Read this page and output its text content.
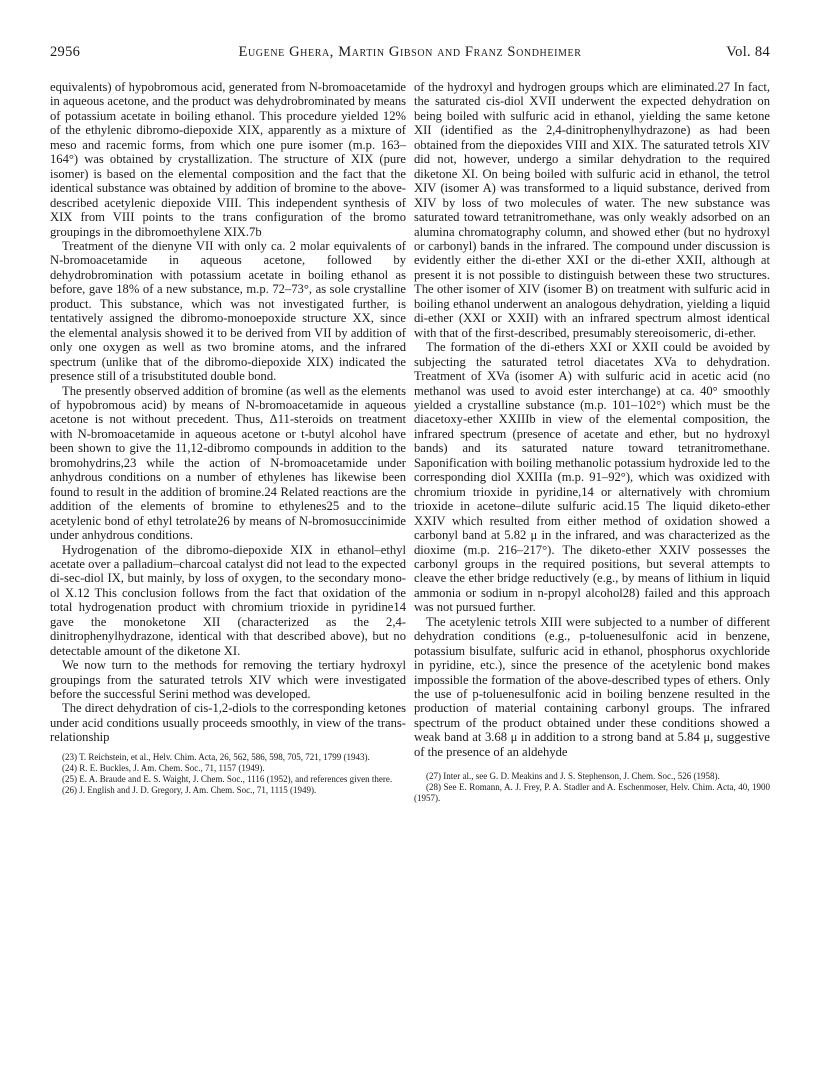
2956	Eugene Ghera, Martin Gibson and Franz Sondheimer	Vol. 84

equivalents) of hypobromous acid, generated from N-bromoacetamide in aqueous acetone, and the product was dehydrobrominated by means of potassium acetate in boiling ethanol. This procedure yielded 12% of the ethylenic dibromo-diepoxide XIX, apparently as a mixture of meso and racemic forms, from which one pure isomer (m.p. 163–164°) was obtained by crystallization. The structure of XIX (pure isomer) is based on the elemental composition and the fact that the identical substance was obtained by addition of bromine to the above-described acetylenic diepoxide VIII. This independent synthesis of XIX from VIII points to the trans configuration of the bromo groupings in the dibromoethylene XIX.7b

Treatment of the dienyne VII with only ca. 2 molar equivalents of N-bromoacetamide in aqueous acetone, followed by dehydrobromination with potassium acetate in boiling ethanol as before, gave 18% of a new substance, m.p. 72–73°, as sole crystalline product. This substance, which was not investigated further, is tentatively assigned the dibromo-monoepoxide structure XX, since the elemental analysis showed it to be derived from VII by addition of only one oxygen as well as two bromine atoms, and the infrared spectrum (unlike that of the dibromo-diepoxide XIX) indicated the presence still of a trisubstituted double bond.

The presently observed addition of bromine (as well as the elements of hypobromous acid) by means of N-bromoacetamide in aqueous acetone is not without precedent. Thus, Δ11-steroids on treatment with N-bromoacetamide in aqueous acetone or t-butyl alcohol have been shown to give the 11,12-dibromo compounds in addition to the bromohydrins,23 while the action of N-bromoacetamide under anhydrous conditions on a number of ethylenes has likewise been found to result in the addition of bromine.24 Related reactions are the addition of the elements of bromine to ethylenes25 and to the acetylenic bond of ethyl tetrolate26 by means of N-bromosuccinimide under anhydrous conditions.

Hydrogenation of the dibromo-diepoxide XIX in ethanol–ethyl acetate over a palladium–charcoal catalyst did not lead to the expected di-sec-diol IX, but mainly, by loss of oxygen, to the secondary mono-ol X.12 This conclusion follows from the fact that oxidation of the total hydrogenation product with chromium trioxide in pyridine14 gave the monoketone XII (characterized as the 2,4-dinitrophenylhydrazone, identical with that described above), but no detectable amount of the diketone XI.

We now turn to the methods for removing the tertiary hydroxyl groupings from the saturated tetrols XIV which were investigated before the successful Serini method was developed.

The direct dehydration of cis-1,2-diols to the corresponding ketones under acid conditions usually proceeds smoothly, in view of the trans-relationship

(23) T. Reichstein, et al., Helv. Chim. Acta, 26, 562, 586, 598, 705, 721, 1799 (1943).

(24) R. E. Buckles, J. Am. Chem. Soc., 71, 1157 (1949).

(25) E. A. Braude and E. S. Waight, J. Chem. Soc., 1116 (1952), and references given there.

(26) J. English and J. D. Gregory, J. Am. Chem. Soc., 71, 1115 (1949).

of the hydroxyl and hydrogen groups which are eliminated.27 In fact, the saturated cis-diol XVII underwent the expected dehydration on being boiled with sulfuric acid in ethanol, yielding the same ketone XII (identified as the 2,4-dinitrophenylhydrazone) as had been obtained from the diepoxides VIII and XIX. The saturated tetrols XIV did not, however, undergo a similar dehydration to the required diketone XI. On being boiled with sulfuric acid in ethanol, the tetrol XIV (isomer A) was transformed to a liquid substance, derived from XIV by loss of two molecules of water. The new substance was saturated toward tetranitromethane, was only weakly adsorbed on an alumina chromatography column, and showed ether (but no hydroxyl or carbonyl) bands in the infrared. The compound under discussion is evidently either the di-ether XXI or the di-ether XXII, although at present it is not possible to distinguish between these two structures. The other isomer of XIV (isomer B) on treatment with sulfuric acid in boiling ethanol underwent an analogous dehydration, yielding a liquid di-ether (XXI or XXII) with an infrared spectrum almost identical with that of the first-described, presumably stereoisomeric, di-ether.

The formation of the di-ethers XXI or XXII could be avoided by subjecting the saturated tetrol diacetates XVa to dehydration. Treatment of XVa (isomer A) with sulfuric acid in acetic acid (no methanol was used to avoid ester interchange) at ca. 40° smoothly yielded a crystalline substance (m.p. 101–102°) which must be the diacetoxy-ether XXIIIb in view of the elemental composition, the infrared spectrum (presence of acetate and ether, but no hydroxyl bands) and its saturated nature toward tetranitromethane. Saponification with boiling methanolic potassium hydroxide led to the corresponding diol XXIIIa (m.p. 91–92°), which was oxidized with chromium trioxide in pyridine,14 or alternatively with chromium trioxide in acetone–dilute sulfuric acid.15 The liquid diketo-ether XXIV which resulted from either method of oxidation showed a carbonyl band at 5.82 μ in the infrared, and was characterized as the dioxime (m.p. 216–217°). The diketo-ether XXIV possesses the carbonyl groups in the required positions, but several attempts to cleave the ether bridge reductively (e.g., by means of lithium in liquid ammonia or sodium in n-propyl alcohol28) failed and this approach was not pursued further.

The acetylenic tetrols XIII were subjected to a number of different dehydration conditions (e.g., p-toluenesulfonic acid in benzene, potassium bisulfate, sulfuric acid in ethanol, phosphorus oxychloride in pyridine, etc.), since the presence of the acetylenic bond makes impossible the formation of the above-described types of ethers. Only the use of p-toluenesulfonic acid in boiling benzene resulted in the production of material containing carbonyl groups. The infrared spectrum of the product obtained under these conditions showed a weak band at 3.68 μ in addition to a strong band at 5.84 μ, suggestive of the presence of an aldehyde

(27) Inter al., see G. D. Meakins and J. S. Stephenson, J. Chem. Soc., 526 (1958).

(28) See E. Romann, A. J. Frey, P. A. Stadler and A. Eschenmoser, Helv. Chim. Acta, 40, 1900 (1957).
